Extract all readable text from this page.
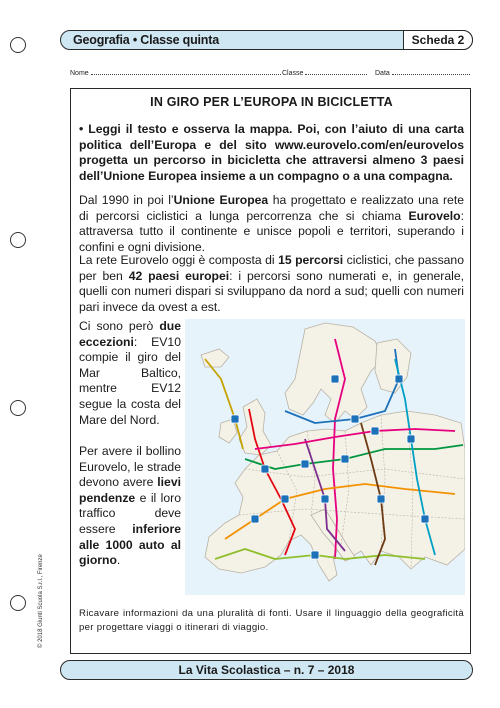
Geografia • Classe quinta	Scheda 2
Nome	Classe	Data
IN GIRO PER L’EUROPA IN BICICLETTA
• Leggi il testo e osserva la mappa. Poi, con l’aiuto di una carta politica dell’Europa e del sito www.eurovelo.com/en/eurovelos progetta un percorso in bicicletta che attraversi almeno 3 paesi dell’Unione Europea insieme a un compagno o a una compagna.
Dal 1990 in poi l’Unione Europea ha progettato e realizzato una rete di percorsi ciclistici a lunga percorrenza che si chiama Eurovelo: attraversa tutto il continente e unisce popoli e territori, superando i confini e ogni divisione.
La rete Eurovelo oggi è composta di 15 percorsi ciclistici, che passano per ben 42 paesi europei: i percorsi sono numerati e, in generale, quelli con numeri dispari si sviluppano da nord a sud; quelli con numeri pari invece da ovest a est.
Ci sono però due eccezioni: EV10 compie il giro del Mar Baltico, mentre EV12 segue la costa del Mare del Nord.
Per avere il bollino Eurovelo, le strade devono avere lievi pendenze e il loro traffico deve essere inferiore alle 1000 auto al giorno.
Ricavare informazioni da una pluralità di fonti. Usare il linguaggio della geograficità per progettare viaggi o itinerari di viaggio.
© 2018 Giunti Scuola S.r.l., Firenze
La Vita Scolastica – n. 7 – 2018
